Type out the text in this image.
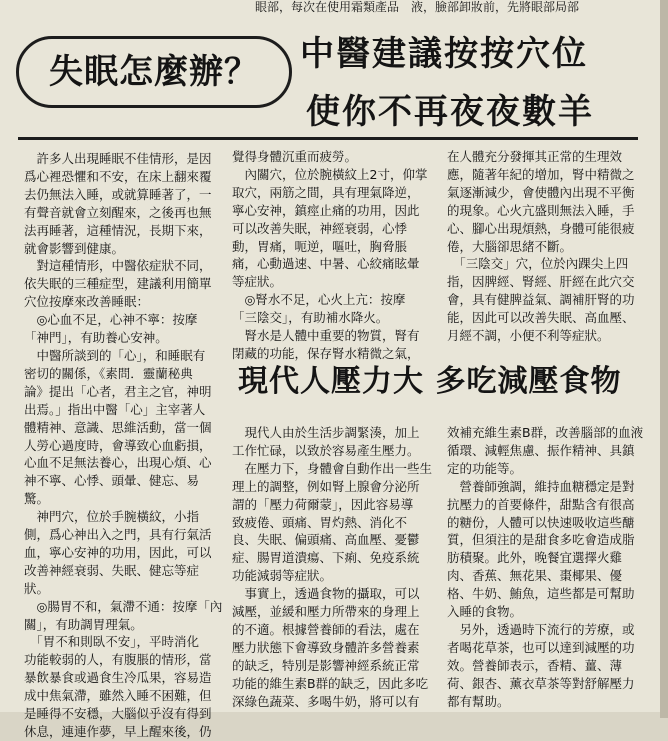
眼部，每次在使用霜類產品　液，臉部卸妝前，先將眼部局部
失眠怎麼辦？	中醫建議按按穴位
使你不再夜夜數羊

　許多人出現睡眠不佳情形，是因

爲心裡恐懼和不安，在床上翻來覆

去仍無法入睡，或就算睡著了，一

有聲音就會立刻醒來，之後再也無

法再睡著，這種情況，長期下來，

就會影響到健康。

　對這種情形，中醫依症狀不同，

依失眠的三種症型，建議利用簡單

穴位按摩來改善睡眠：

　◎心血不足，心神不寧：按摩

「神門」，有助養心安神。

　中醫所談到的「心」，和睡眠有

密切的關係，《素問．靈蘭秘典

論》提出「心者，君主之官，神明

出焉。」指出中醫「心」主宰著人

體精神、意識、思維活動，當一個

人勞心過度時，會導致心血虧損，

心血不足無法養心，出現心煩、心

神不寧、心悸、頭暈、健忘、易

驚。

　神門穴，位於手腕橫紋，小指

側，爲心神出入之門，具有行氣活

血，寧心安神的功用，因此，可以

改善神經衰弱、失眠、健忘等症

狀。

　◎腸胃不和，氣滯不通：按摩「內

關」，有助調胃理氣。

　「胃不和則臥不安」，平時消化

功能較弱的人，有腹脹的情形，當

暴飲暴食或過食生冷瓜果，容易造

成中焦氣滯，雖然入睡不困難，但

是睡得不安穩，大腦似乎沒有得到

休息，連連作夢，早上醒來後，仍

覺得身體沉重而疲勞。

　內關穴，位於腕橫紋上2寸，仰掌

取穴，兩筋之間，具有理氣降逆，

寧心安神，鎮痙止痛的功用，因此

可以改善失眠，神經衰弱，心悸

動，胃痛，呃逆，嘔吐，胸脅脹

痛，心動過速、中暑、心絞痛眩暈

等症狀。

　◎腎水不足，心火上亢：按摩

「三陰交」，有助補水降火。

　腎水是人體中重要的物質，腎有

閉藏的功能，保存腎水精微之氣，

在人體充分發揮其正常的生理效

應，隨著年紀的增加，腎中精微之

氣逐漸減少，會使體內出現不平衡

的現象。心火亢盛則無法入睡，手

心、腳心出現煩熱，身體可能很疲

倦，大腦卻思緒不斷。

　「三陰交」穴，位於內踝尖上四

指，因脾經、腎經、肝經在此穴交

會，具有健脾益氣、調補肝腎的功

能，因此可以改善失眠、高血壓、

月經不調，小便不利等症狀。

現代人壓力大 多吃減壓食物

　現代人由於生活步調緊湊，加上

工作忙碌，以致於容易產生壓力。

　在壓力下，身體會自動作出一些生

理上的調整，例如腎上腺會分泌所

謂的「壓力荷爾蒙」，因此容易導

致疲倦、頭痛、胃灼熱、消化不

良、失眠、偏頭痛、高血壓、憂鬱

症、腸胃道潰瘍、下痢、免疫系統

功能減弱等症狀。

　事實上，透過食物的攝取，可以

減壓，並緩和壓力所帶來的身理上

的不適。根據營養師的看法，處在

壓力狀態下會導致身體許多營養素

的缺乏，特別是影響神經系統正常

功能的維生素B群的缺乏，因此多吃

深綠色蔬菜、多喝牛奶，將可以有

效補充維生素B群，改善腦部的血液

循環、減輕焦慮、振作精神、具鎮

定的功能等。

　營養師強調，維持血糖穩定是對

抗壓力的首要條件，甜點含有很高

的糖份，人體可以快速吸收這些醣

質，但須注的是甜食多吃會造成脂

肪積聚。此外，晚餐宜選擇火雞

肉、香蕉、無花果、棗椰果、優

格、牛奶、鮪魚，這些都是可幫助

入睡的食物。

　另外，透過時下流行的芳療，或

者喝花草茶，也可以達到減壓的功

效。營養師表示，香精、薑、薄

荷、銀杏、薰衣草茶等對舒解壓力

都有幫助。
